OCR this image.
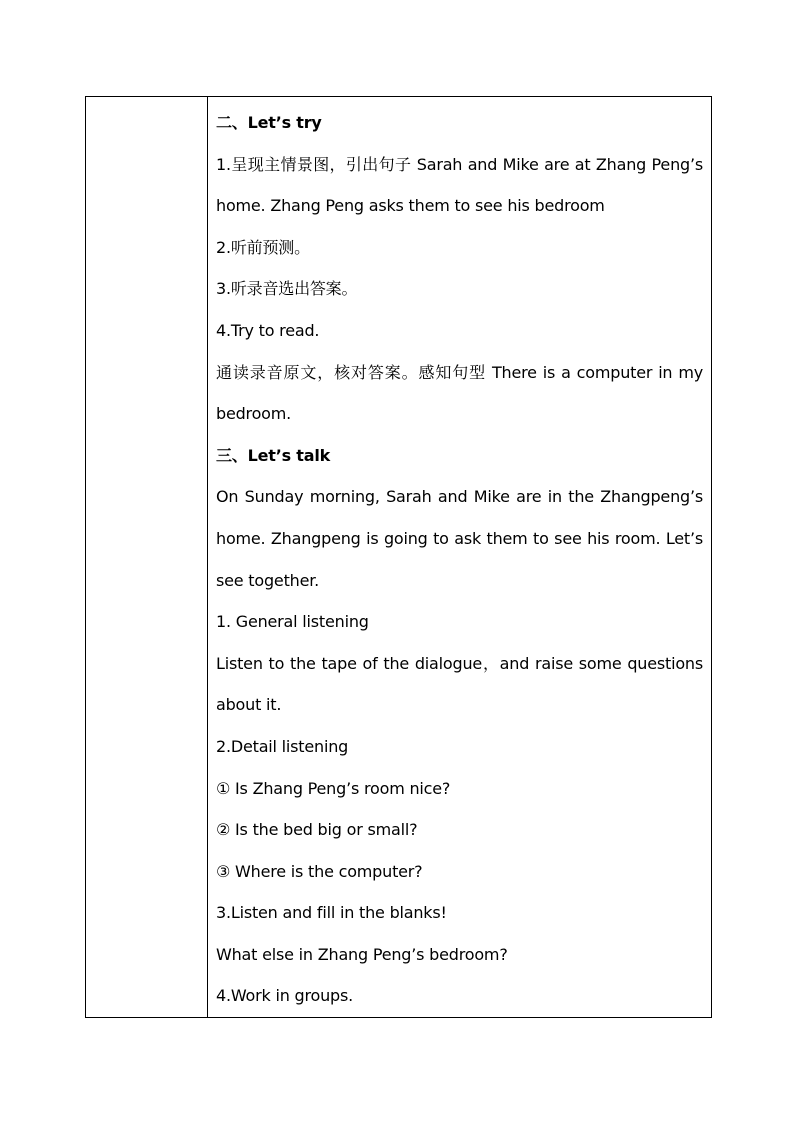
二、Let’s try
1.呈现主情景图，引出句子 Sarah and Mike are at Zhang Peng’s
home. Zhang Peng asks them to see his bedroom
2.听前预测。
3.听录音选出答案。
4.Try to read.
通读录音原文，核对答案。感知句型 There is a computer in my
bedroom.
三、Let’s talk
On Sunday morning, Sarah and Mike are in the Zhangpeng’s
home. Zhangpeng is going to ask them to see his room. Let’s
see together.
1. General listening
Listen to the tape of the dialogue，and raise some questions
about it.
2.Detail listening
① Is Zhang Peng’s room nice?
② Is the bed big or small?
③ Where is the computer?
3.Listen and fill in the blanks!
What else in Zhang Peng’s bedroom?
4.Work in groups.
